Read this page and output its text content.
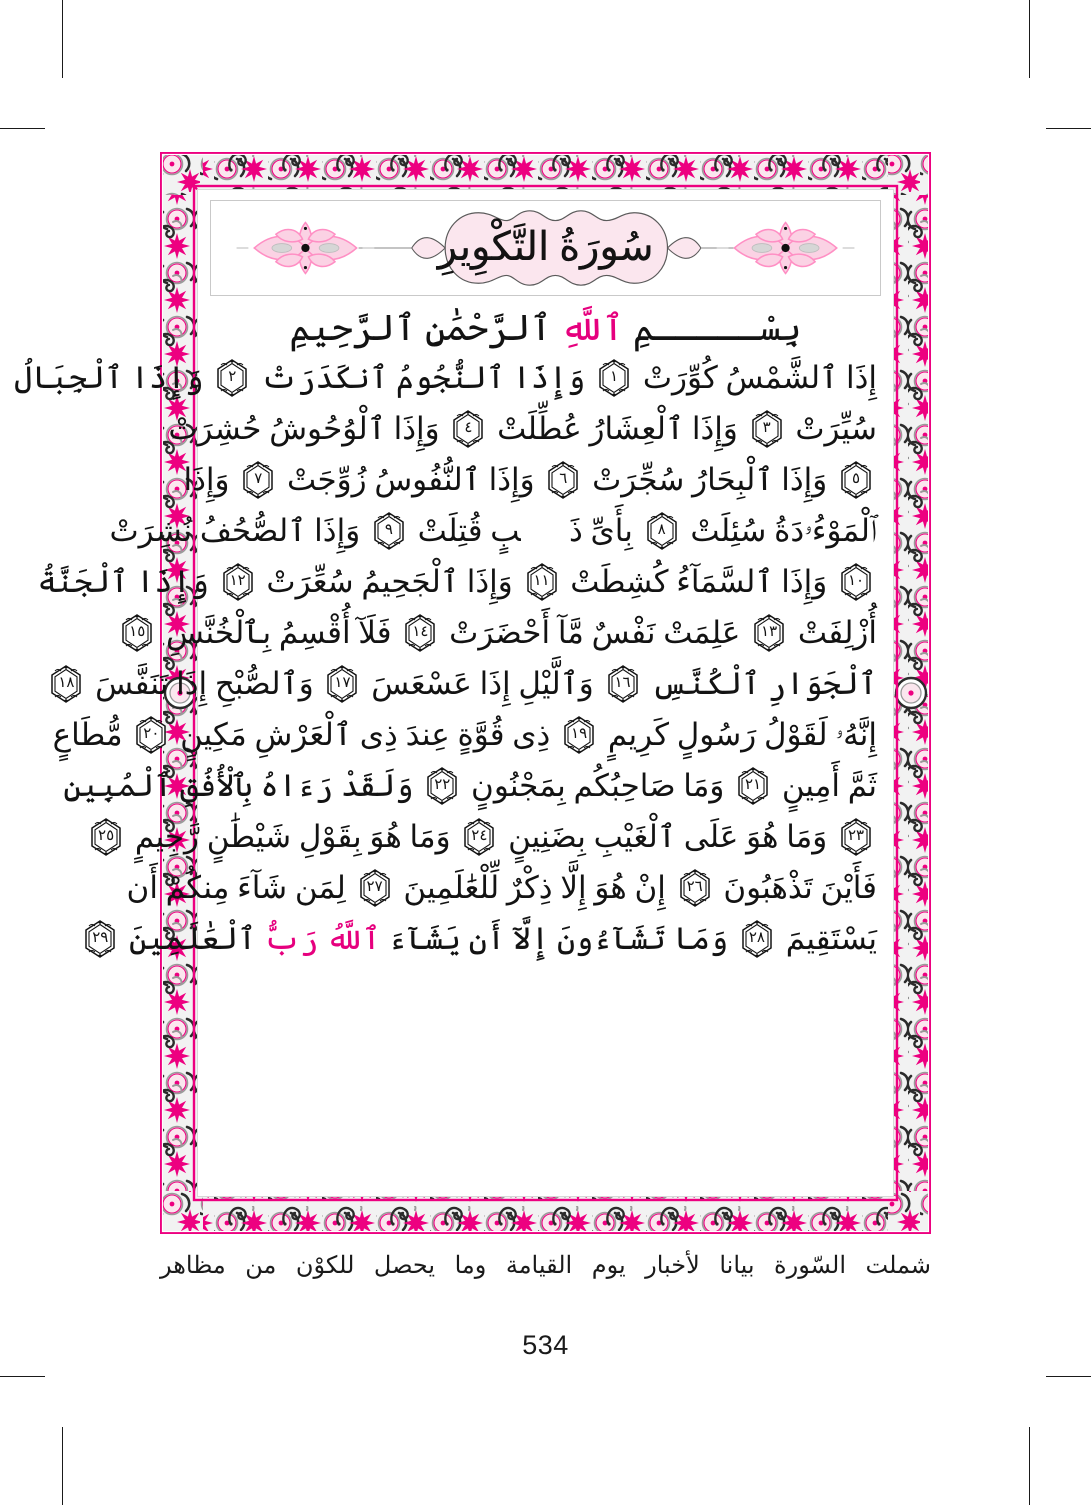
سُورَةُ التَّكْوِيرِ
بِسْـــــمِ ٱللَّهِ ٱلرَّحْمَٰنِ ٱلرَّحِيمِ
إِذَا ٱلشَّمْسُ كُوِّرَتْ
١
وَإِذَا ٱلنُّجُومُ ٱنكَدَرَتْ
٢
وَإِذَا ٱلْجِبَالُ
سُيِّرَتْ
٣
وَإِذَا ٱلْعِشَارُ عُطِّلَتْ
٤
وَإِذَا ٱلْوُحُوشُ حُشِرَتْ
٥
وَإِذَا ٱلْبِحَارُ سُجِّرَتْ
٦
وَإِذَا ٱلنُّفُوسُ زُوِّجَتْ
٧
وَإِذَا
ٱلْمَوْءُۥدَةُ سُئِلَتْ
٨
بِأَىِّ ذَنۢبٍ قُتِلَتْ
٩
وَإِذَا ٱلصُّحُفُ نُشِرَتْ
١٠
وَإِذَا ٱلسَّمَآءُ كُشِطَتْ
١١
وَإِذَا ٱلْجَحِيمُ سُعِّرَتْ
١٢
وَإِذَا ٱلْجَنَّةُ
أُزْلِفَتْ
١٣
عَلِمَتْ نَفْسٌ مَّآ أَحْضَرَتْ
١٤
فَلَآ أُقْسِمُ بِٱلْخُنَّسِ
١٥
ٱلْجَوَارِ ٱلْكُنَّسِ
١٦
وَٱلَّيْلِ إِذَا عَسْعَسَ
١٧
وَٱلصُّبْحِ إِذَا تَنَفَّسَ
١٨
إِنَّهُۥ لَقَوْلُ رَسُولٍ كَرِيمٍ
١٩
ذِى قُوَّةٍ عِندَ ذِى ٱلْعَرْشِ مَكِينٍ
٢٠
مُّطَاعٍ
ثَمَّ أَمِينٍ
٢١
وَمَا صَاحِبُكُم بِمَجْنُونٍ
٢٢
وَلَقَدْ رَءَاهُ بِٱلْأُفُقِ ٱلْمُبِينِ
٢٣
وَمَا هُوَ عَلَى ٱلْغَيْبِ بِضَنِينٍ
٢٤
وَمَا هُوَ بِقَوْلِ شَيْطَٰنٍ رَّجِيمٍ
٢٥
فَأَيْنَ تَذْهَبُونَ
٢٦
إِنْ هُوَ إِلَّا ذِكْرٌ لِّلْعَٰلَمِينَ
٢٧
لِمَن شَآءَ مِنكُمْ أَن
يَسْتَقِيمَ
٢٨
وَمَا تَشَآءُونَ إِلَّآ أَن يَشَآءَ ٱللَّهُ رَبُّ ٱلْعَٰلَمِينَ
٢٩
شملت السّورة بيانا لأخبار يوم القيامة وما يحصل للكوْن من مظاهر
534
